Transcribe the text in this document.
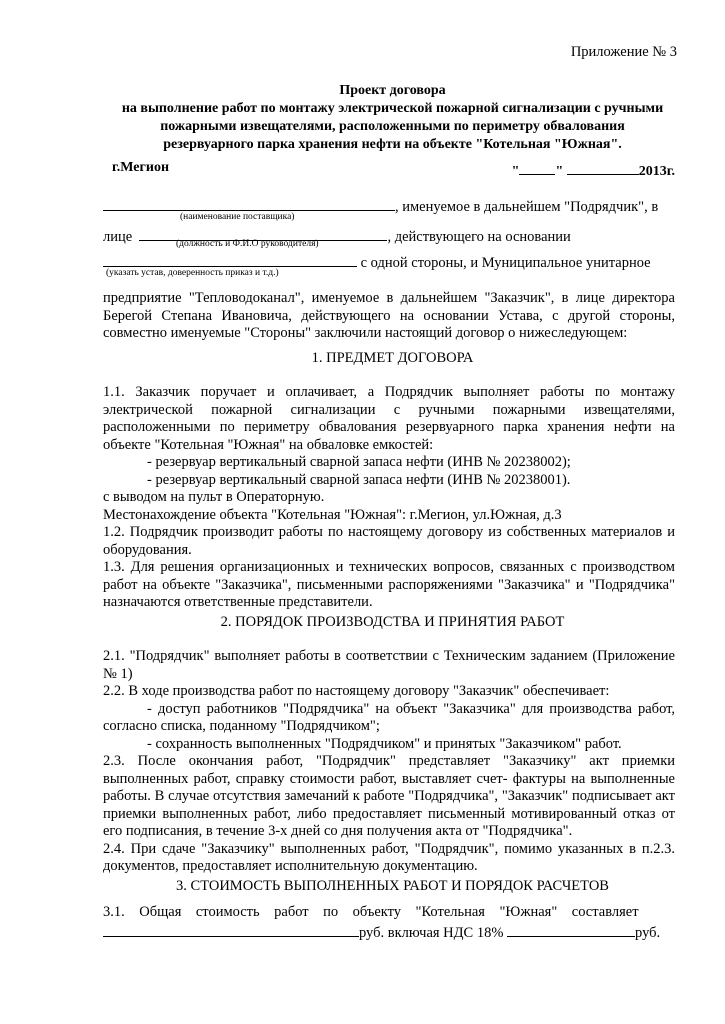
Приложение № 3
Проект договора
на выполнение работ по монтажу электрической пожарной сигнализации с ручными
пожарными извещателями, расположенными по периметру обвалования
резервуарного парка хранения нефти на объекте "Котельная "Южная".
г.Мегион	"	"	2013г.
, именуемое в дальнейшем "Подрядчик", в
(наименование поставщика)
лице	, действующего на основании
(должность и Ф.И.О руководителя)
с одной стороны, и Муниципальное унитарное
(указать устав, доверенность приказ и т.д.)

предприятие "Тепловодоканал", именуемое в дальнейшем "Заказчик", в лице директора Берегой Степана Ивановича, действующего на основании Устава, с другой стороны, совместно именуемые "Стороны" заключили настоящий договор о нижеследующем:

1. ПРЕДМЕТ ДОГОВОРА

1.1. Заказчик поручает и оплачивает, а Подрядчик выполняет работы по монтажу электрической пожарной сигнализации с ручными пожарными извещателями, расположенными по периметру обвалования резервуарного парка хранения нефти на объекте "Котельная "Южная" на обваловке емкостей:

- резервуар вертикальный сварной запаса нефти (ИНВ № 20238002);

- резервуар вертикальный сварной запаса нефти (ИНВ № 20238001).

с выводом на пульт в Операторную.

Местонахождение объекта "Котельная "Южная": г.Мегион, ул.Южная, д.3

1.2. Подрядчик производит работы по настоящему договору из собственных материалов и оборудования.

1.3. Для решения организационных и технических вопросов, связанных с производством работ на объекте "Заказчика", письменными распоряжениями "Заказчика" и "Подрядчика" назначаются ответственные представители.

2. ПОРЯДОК ПРОИЗВОДСТВА И ПРИНЯТИЯ РАБОТ

2.1. "Подрядчик" выполняет работы в соответствии с Техническим заданием (Приложение № 1)

2.2. В ходе производства работ по настоящему договору "Заказчик" обеспечивает:

- доступ работников "Подрядчика" на объект "Заказчика" для производства работ,

согласно списка, поданному "Подрядчиком";

- сохранность выполненных "Подрядчиком" и принятых "Заказчиком" работ.

2.3. После окончания работ, "Подрядчик" представляет "Заказчику" акт приемки выполненных работ, справку стоимости работ, выставляет счет- фактуры на выполненные работы. В случае отсутствия замечаний к работе "Подрядчика", "Заказчик" подписывает акт приемки выполненных работ, либо предоставляет письменный мотивированный отказ от его подписания, в течение 3-х дней со дня получения акта от "Подрядчика".

2.4. При сдаче "Заказчику" выполненных работ, "Подрядчик", помимо указанных в п.2.3. документов, предоставляет исполнительную документацию.

3. СТОИМОСТЬ ВЫПОЛНЕННЫХ РАБОТ И ПОРЯДОК РАСЧЕТОВ
3.1.    Общая    стоимость    работ    по    объекту    "Котельная    "Южная"    составляет
руб. включая НДС 18%	руб.
